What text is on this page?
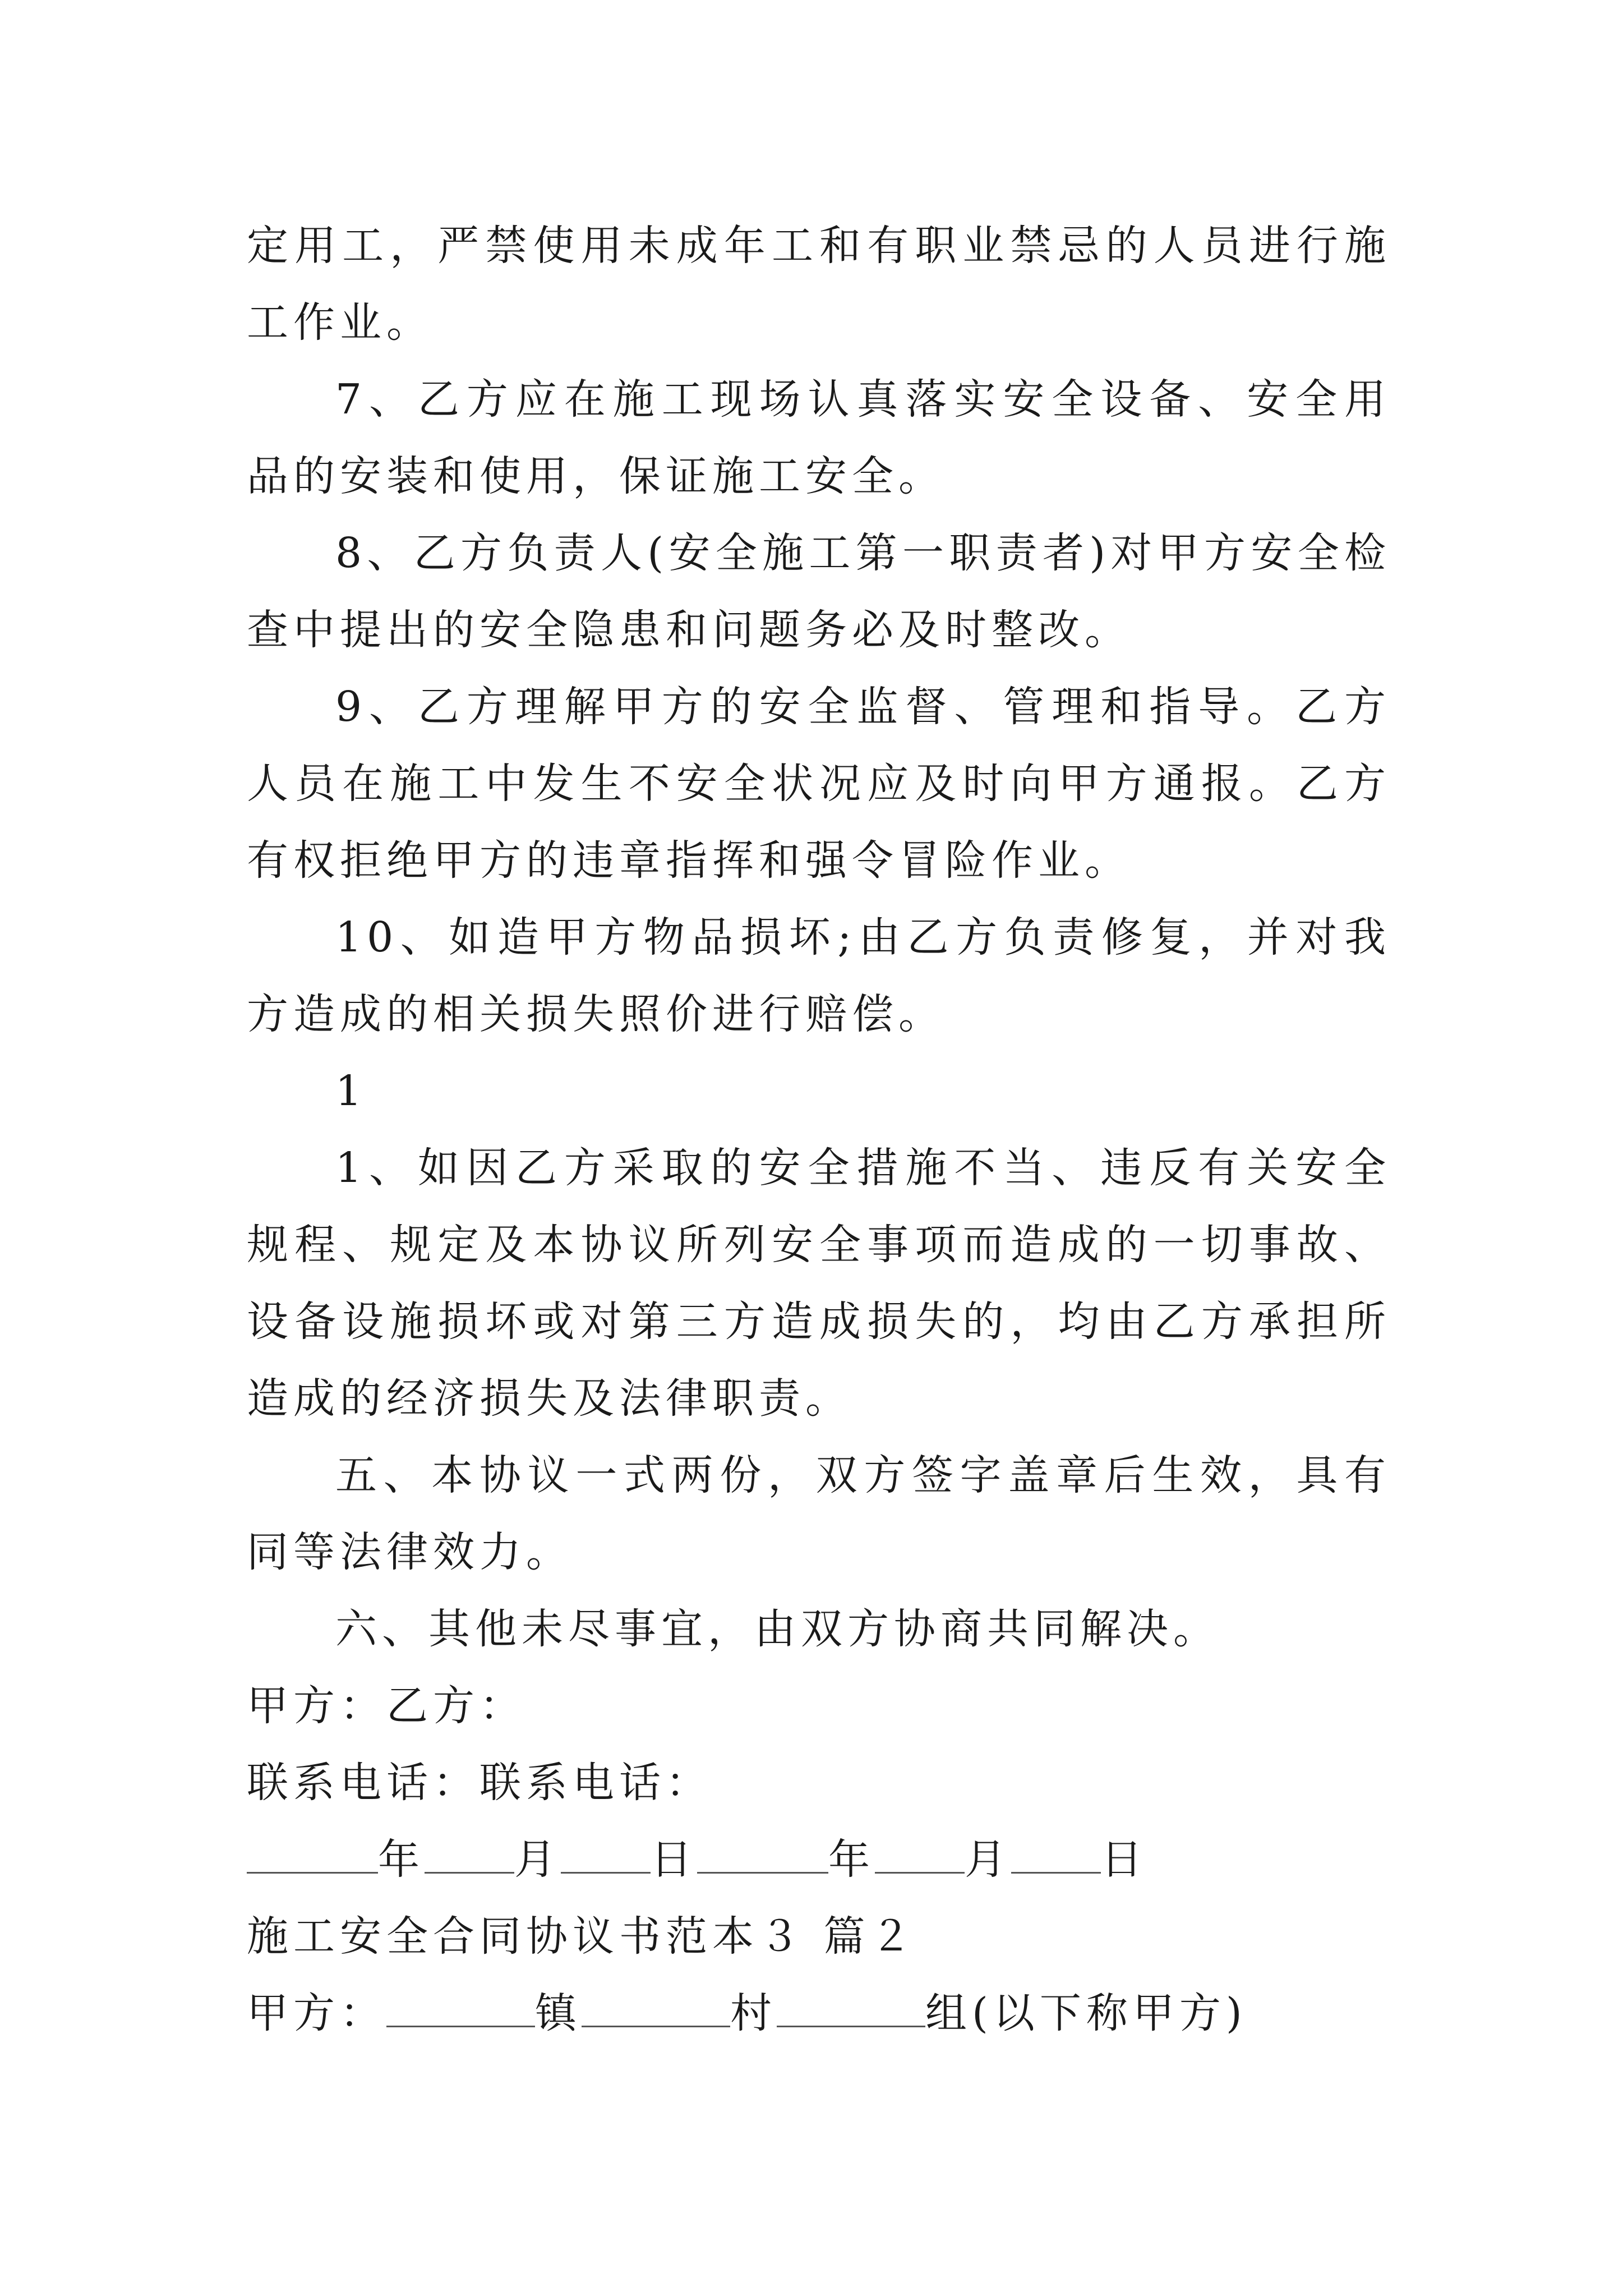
定用工，严禁使用未成年工和有职业禁忌的人员进行施工作业。

7、乙方应在施工现场认真落实安全设备、安全用品的安装和使用，保证施工安全。

8、乙方负责人(安全施工第一职责者)对甲方安全检查中提出的安全隐患和问题务必及时整改。

9、乙方理解甲方的安全监督、管理和指导。乙方人员在施工中发生不安全状况应及时向甲方通报。乙方有权拒绝甲方的违章指挥和强令冒险作业。

10、如造甲方物品损坏;由乙方负责修复，并对我方造成的相关损失照价进行赔偿。

1

1、如因乙方采取的安全措施不当、违反有关安全规程、规定及本协议所列安全事项而造成的一切事故、设备设施损坏或对第三方造成损失的，均由乙方承担所造成的经济损失及法律职责。

五、本协议一式两份，双方签字盖章后生效，具有同等法律效力。

六、其他未尽事宜，由双方协商共同解决。

甲方：乙方：

联系电话：联系电话：

年 月 日	年 月 日

施工安全合同协议书范本３ 篇２

甲方：	镇	村	组(以下称甲方)
